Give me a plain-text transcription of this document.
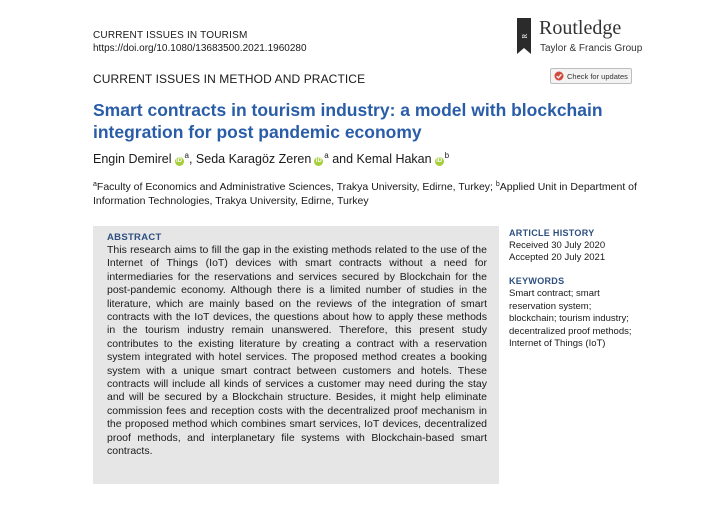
CURRENT ISSUES IN TOURISM
https://doi.org/10.1080/13683500.2021.1960280
R Routledge
Taylor & Francis Group
CURRENT ISSUES IN METHOD AND PRACTICE	Check for updates
Smart contracts in tourism industry: a model with blockchain integration for post pandemic economy
Engin DemireliD $^a$, Seda Karagöz ZereniD $^a$ and Kemal HakaniD $^b$
$^a$Faculty of Economics and Administrative Sciences, Trakya University, Edirne, Turkey; $^b$Applied Unit in Department of Information Technologies, Trakya University, Edirne, Turkey

ABSTRACT

This research aims to fill the gap in the existing methods related to the use of the Internet of Things (IoT) devices with smart contracts without a need for intermediaries for the reservations and services secured by Blockchain for the post-pandemic economy. Although there is a limited number of studies in the literature, which are mainly based on the reviews of the integration of smart contracts with the IoT devices, the questions about how to apply these methods in the tourism industry remain unanswered. Therefore, this present study contributes to the existing literature by creating a contract with a reservation system integrated with hotel services. The proposed method creates a booking system with a unique smart contract between customers and hotels. These contracts will include all kinds of services a customer may need during the stay and will be secured by a Blockchain structure. Besides, it might help eliminate commission fees and reception costs with the decentralized proof mechanism in the proposed method which combines smart services, IoT devices, decentralized proof methods, and interplanetary file systems with Blockchain-based smart contracts.

ARTICLE HISTORY

Received 30 July 2020

Accepted 20 July 2021

KEYWORDS

Smart contract; smart reservation system; blockchain; tourism industry; decentralized proof methods; Internet of Things (IoT)
